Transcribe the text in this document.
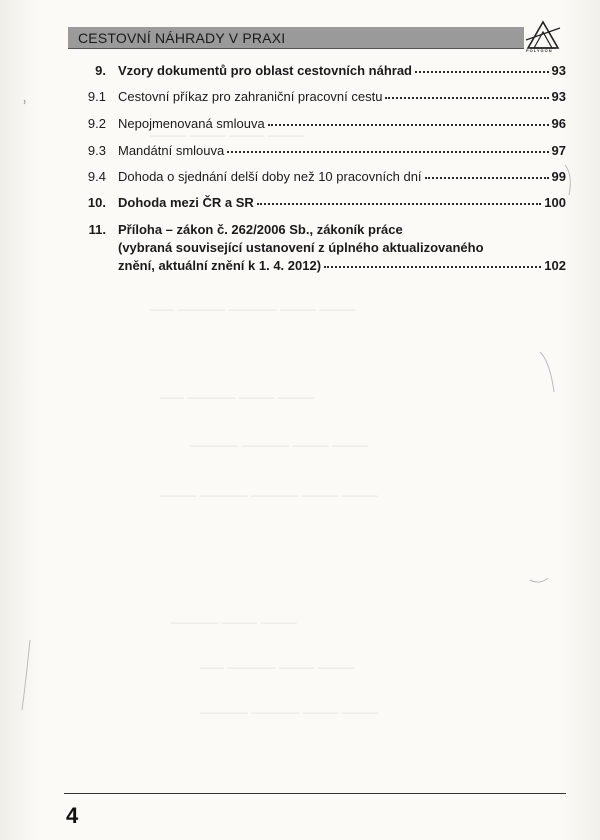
——— ——— ——— ———
——— ——— ———— ———— ——
——— ——— ———— ——
——— ——— ———— ————
——— ——— ———— ———— ———
——— ——— ————
——— ——— ———— ——
——— ——— ———— ————
CESTOVNÍ NÁHRADY V PRAXI
POLYGON
9. Vzory dokumentů pro oblast cestovních náhrad	93
9.1 Cestovní příkaz pro zahraniční pracovní cestu	93
9.2 Nepojmenovaná smlouva	96
9.3 Mandátní smlouva	97
9.4 Dohoda o sjednání delší doby než 10 pracovních dní	99
10. Dohoda mezi ČR a SR	100
11. Příloha – zákon č. 262/2006 Sb., zákoník práce
(vybraná související ustanovení z úplného aktualizovaného
znění, aktuální znění k 1. 4. 2012)	102
4
